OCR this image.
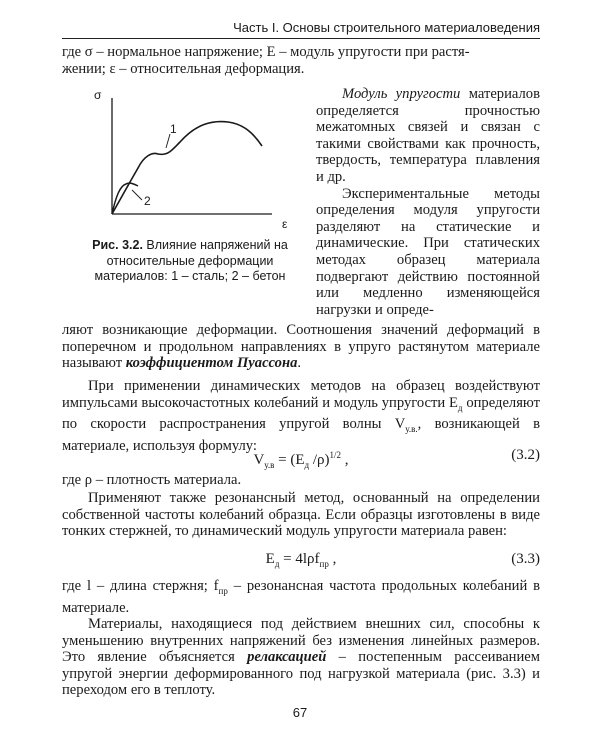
Часть I. Основы строительного материаловедения
где σ – нормальное напряжение; Е – модуль упругости при растя-
жении; ε – относительная деформация.
σ
ε
1
2
Рис. 3.2. Влияние напряжений на относительные деформации материалов: 1 – сталь; 2 – бетон
Модуль упругости материалов определяется прочностью межатомных связей и связан с такими свойствами как прочность, твердость, температура плавления и др.
Экспериментальные методы определения модуля упругости разделяют на статические и динамические. При статических методах образец материала подвергают действию постоянной или медленно изменяющейся нагрузки и опреде-
ляют возникающие деформации. Соотношения значений деформаций в поперечном и продольном направлениях в упруго растянутом материале называют коэффициентом Пуассона.
При применении динамических методов на образец воздействуют импульсами высокочастотных колебаний и модуль упругости $Е_д$ определяют по скорости распространения упругой волны $V_{у.в.}$, возникающей в материале, используя формулу:
$V_{у.в} = (E_д$ /ρ)$^{1/2}$ ,	(3.2)
где ρ – плотность материала.
Применяют также резонансный метод, основанный на определении собственной частоты колебаний образца. Если образцы изготовлены в виде тонких стержней, то динамический модуль упругости материала равен:
$E_д = 4l\rho f_{пр}$ ,	(3.3)
где l – длина стержня; $f_{пр}$ – резонансная частота продольных колебаний в материале.
Материалы, находящиеся под действием внешних сил, способны к уменьшению внутренних напряжений без изменения линейных размеров. Это явление объясняется релаксацией – постепенным рассеиванием упругой энергии деформированного под нагрузкой материала (рис. 3.3) и переходом его в теплоту.
67
